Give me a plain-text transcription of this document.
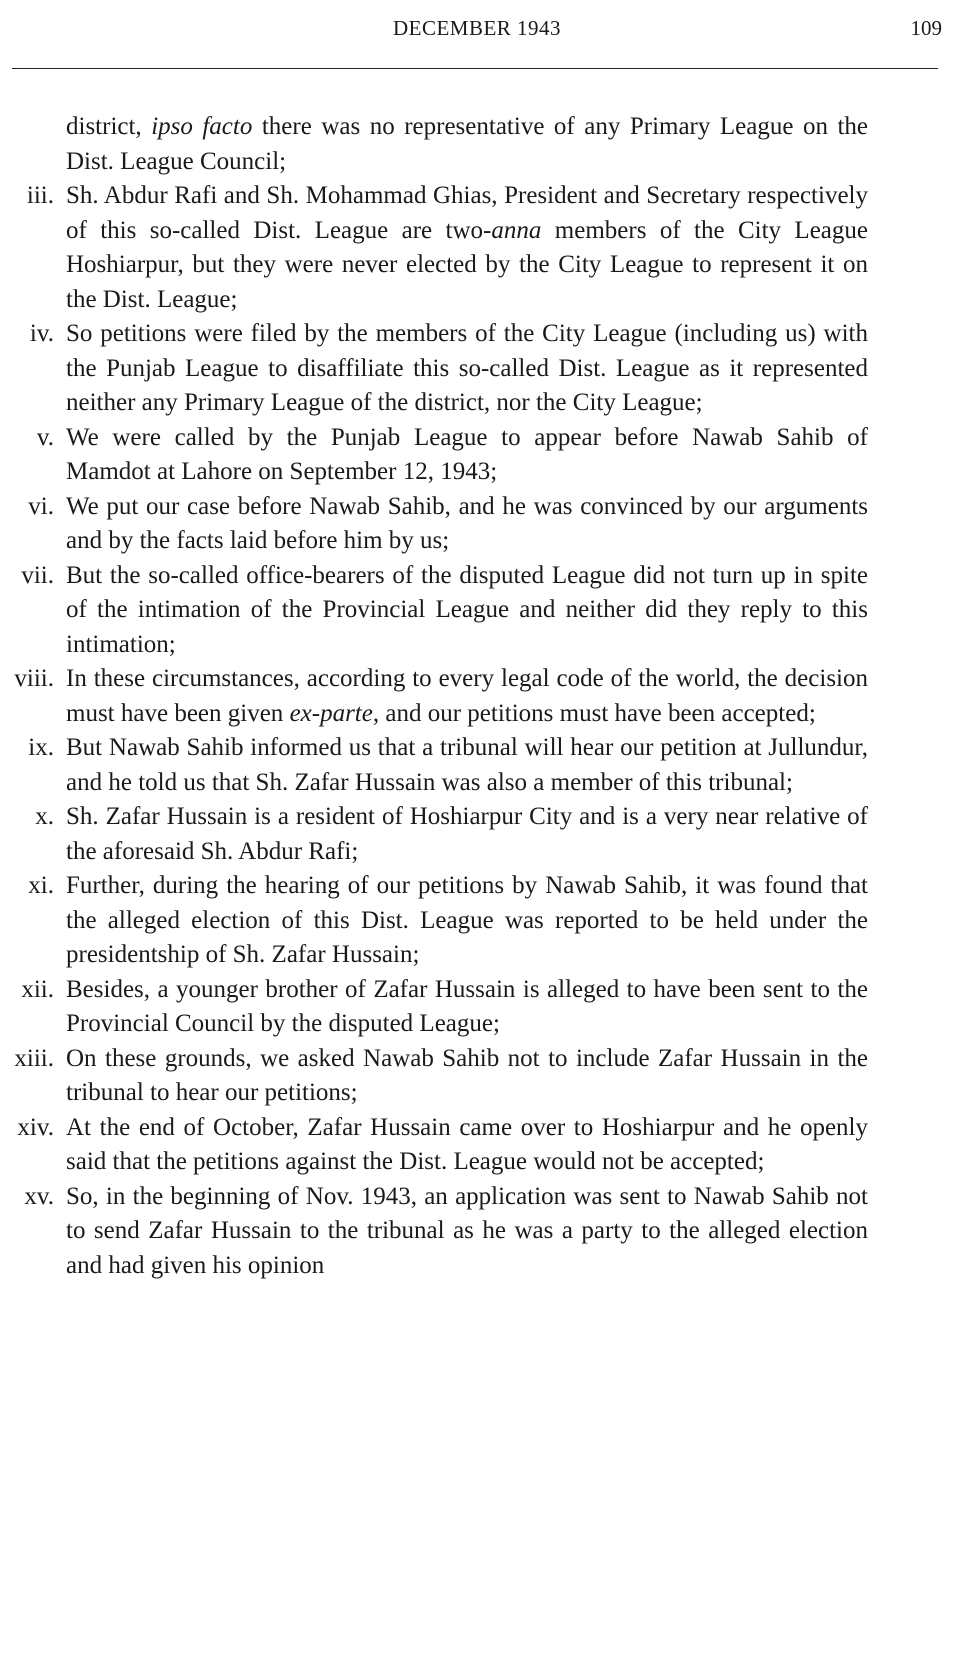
DECEMBER 1943	109

district, ipso facto there was no representative of any Primary League on the Dist. League Council;

iii. Sh. Abdur Rafi and Sh. Mohammad Ghias, President and Secretary respectively of this so-called Dist. League are two-anna members of the City League Hoshiarpur, but they were never elected by the City League to represent it on the Dist. League;

iv. So petitions were filed by the members of the City League (including us) with the Punjab League to disaffiliate this so-called Dist. League as it represented neither any Primary League of the district, nor the City League;

v. We were called by the Punjab League to appear before Nawab Sahib of Mamdot at Lahore on September 12, 1943;

vi. We put our case before Nawab Sahib, and he was convinced by our arguments and by the facts laid before him by us;

vii. But the so-called office-bearers of the disputed League did not turn up in spite of the intimation of the Provincial League and neither did they reply to this intimation;

viii. In these circumstances, according to every legal code of the world, the decision must have been given ex-parte, and our petitions must have been accepted;

ix. But Nawab Sahib informed us that a tribunal will hear our petition at Jullundur, and he told us that Sh. Zafar Hussain was also a member of this tribunal;

x. Sh. Zafar Hussain is a resident of Hoshiarpur City and is a very near relative of the aforesaid Sh. Abdur Rafi;

xi. Further, during the hearing of our petitions by Nawab Sahib, it was found that the alleged election of this Dist. League was reported to be held under the presidentship of Sh. Zafar Hussain;

xii. Besides, a younger brother of Zafar Hussain is alleged to have been sent to the Provincial Council by the disputed League;

xiii. On these grounds, we asked Nawab Sahib not to include Zafar Hussain in the tribunal to hear our petitions;

xiv. At the end of October, Zafar Hussain came over to Hoshiarpur and he openly said that the petitions against the Dist. League would not be accepted;

xv. So, in the beginning of Nov. 1943, an application was sent to Nawab Sahib not to send Zafar Hussain to the tribunal as he was a party to the alleged election and had given his opinion
